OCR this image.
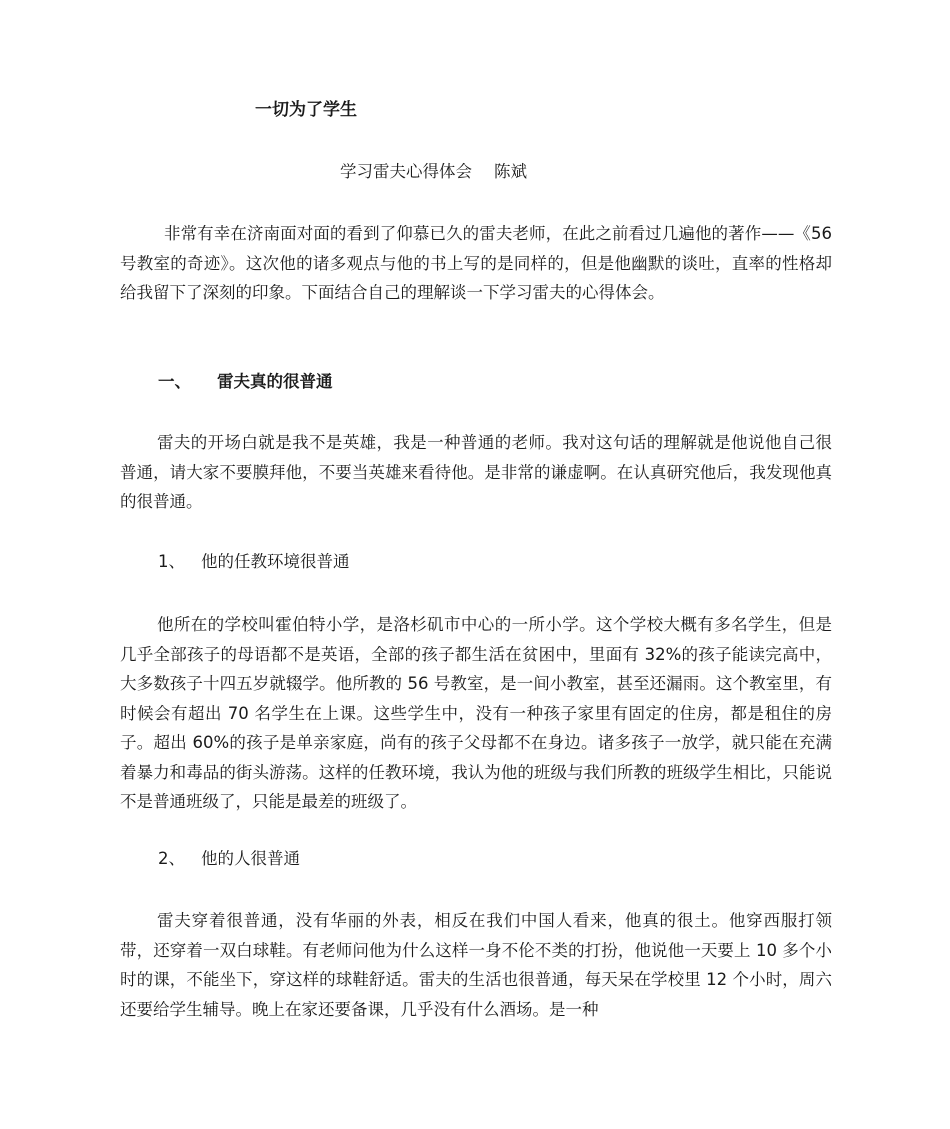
一切为了学生
学习雷夫心得体会 陈斌

非常有幸在济南面对面的看到了仰慕已久的雷夫老师，在此之前看过几遍他的著作——《56号教室的奇迹》。这次他的诸多观点与他的书上写的是同样的，但是他幽默的谈吐，直率的性格却给我留下了深刻的印象。下面结合自己的理解谈一下学习雷夫的心得体会。

一、 雷夫真的很普通

雷夫的开场白就是我不是英雄，我是一种普通的老师。我对这句话的理解就是他说他自己很普通，请大家不要膜拜他，不要当英雄来看待他。是非常的谦虚啊。在认真研究他后，我发现他真的很普通。

1、 他的任教环境很普通

他所在的学校叫霍伯特小学，是洛杉矶市中心的一所小学。这个学校大概有多名学生，但是几乎全部孩子的母语都不是英语，全部的孩子都生活在贫困中，里面有 32%的孩子能读完高中，大多数孩子十四五岁就辍学。他所教的 56 号教室，是一间小教室，甚至还漏雨。这个教室里，有时候会有超出 70 名学生在上课。这些学生中，没有一种孩子家里有固定的住房，都是租住的房子。超出 60%的孩子是单亲家庭，尚有的孩子父母都不在身边。诸多孩子一放学，就只能在充满着暴力和毒品的街头游荡。这样的任教环境，我认为他的班级与我们所教的班级学生相比，只能说不是普通班级了，只能是最差的班级了。

2、 他的人很普通

雷夫穿着很普通，没有华丽的外表，相反在我们中国人看来，他真的很土。他穿西服打领带，还穿着一双白球鞋。有老师问他为什么这样一身不伦不类的打扮，他说他一天要上 10 多个小时的课，不能坐下，穿这样的球鞋舒适。雷夫的生活也很普通，每天呆在学校里 12 个小时，周六还要给学生辅导。晚上在家还要备课，几乎没有什么酒场。是一种
